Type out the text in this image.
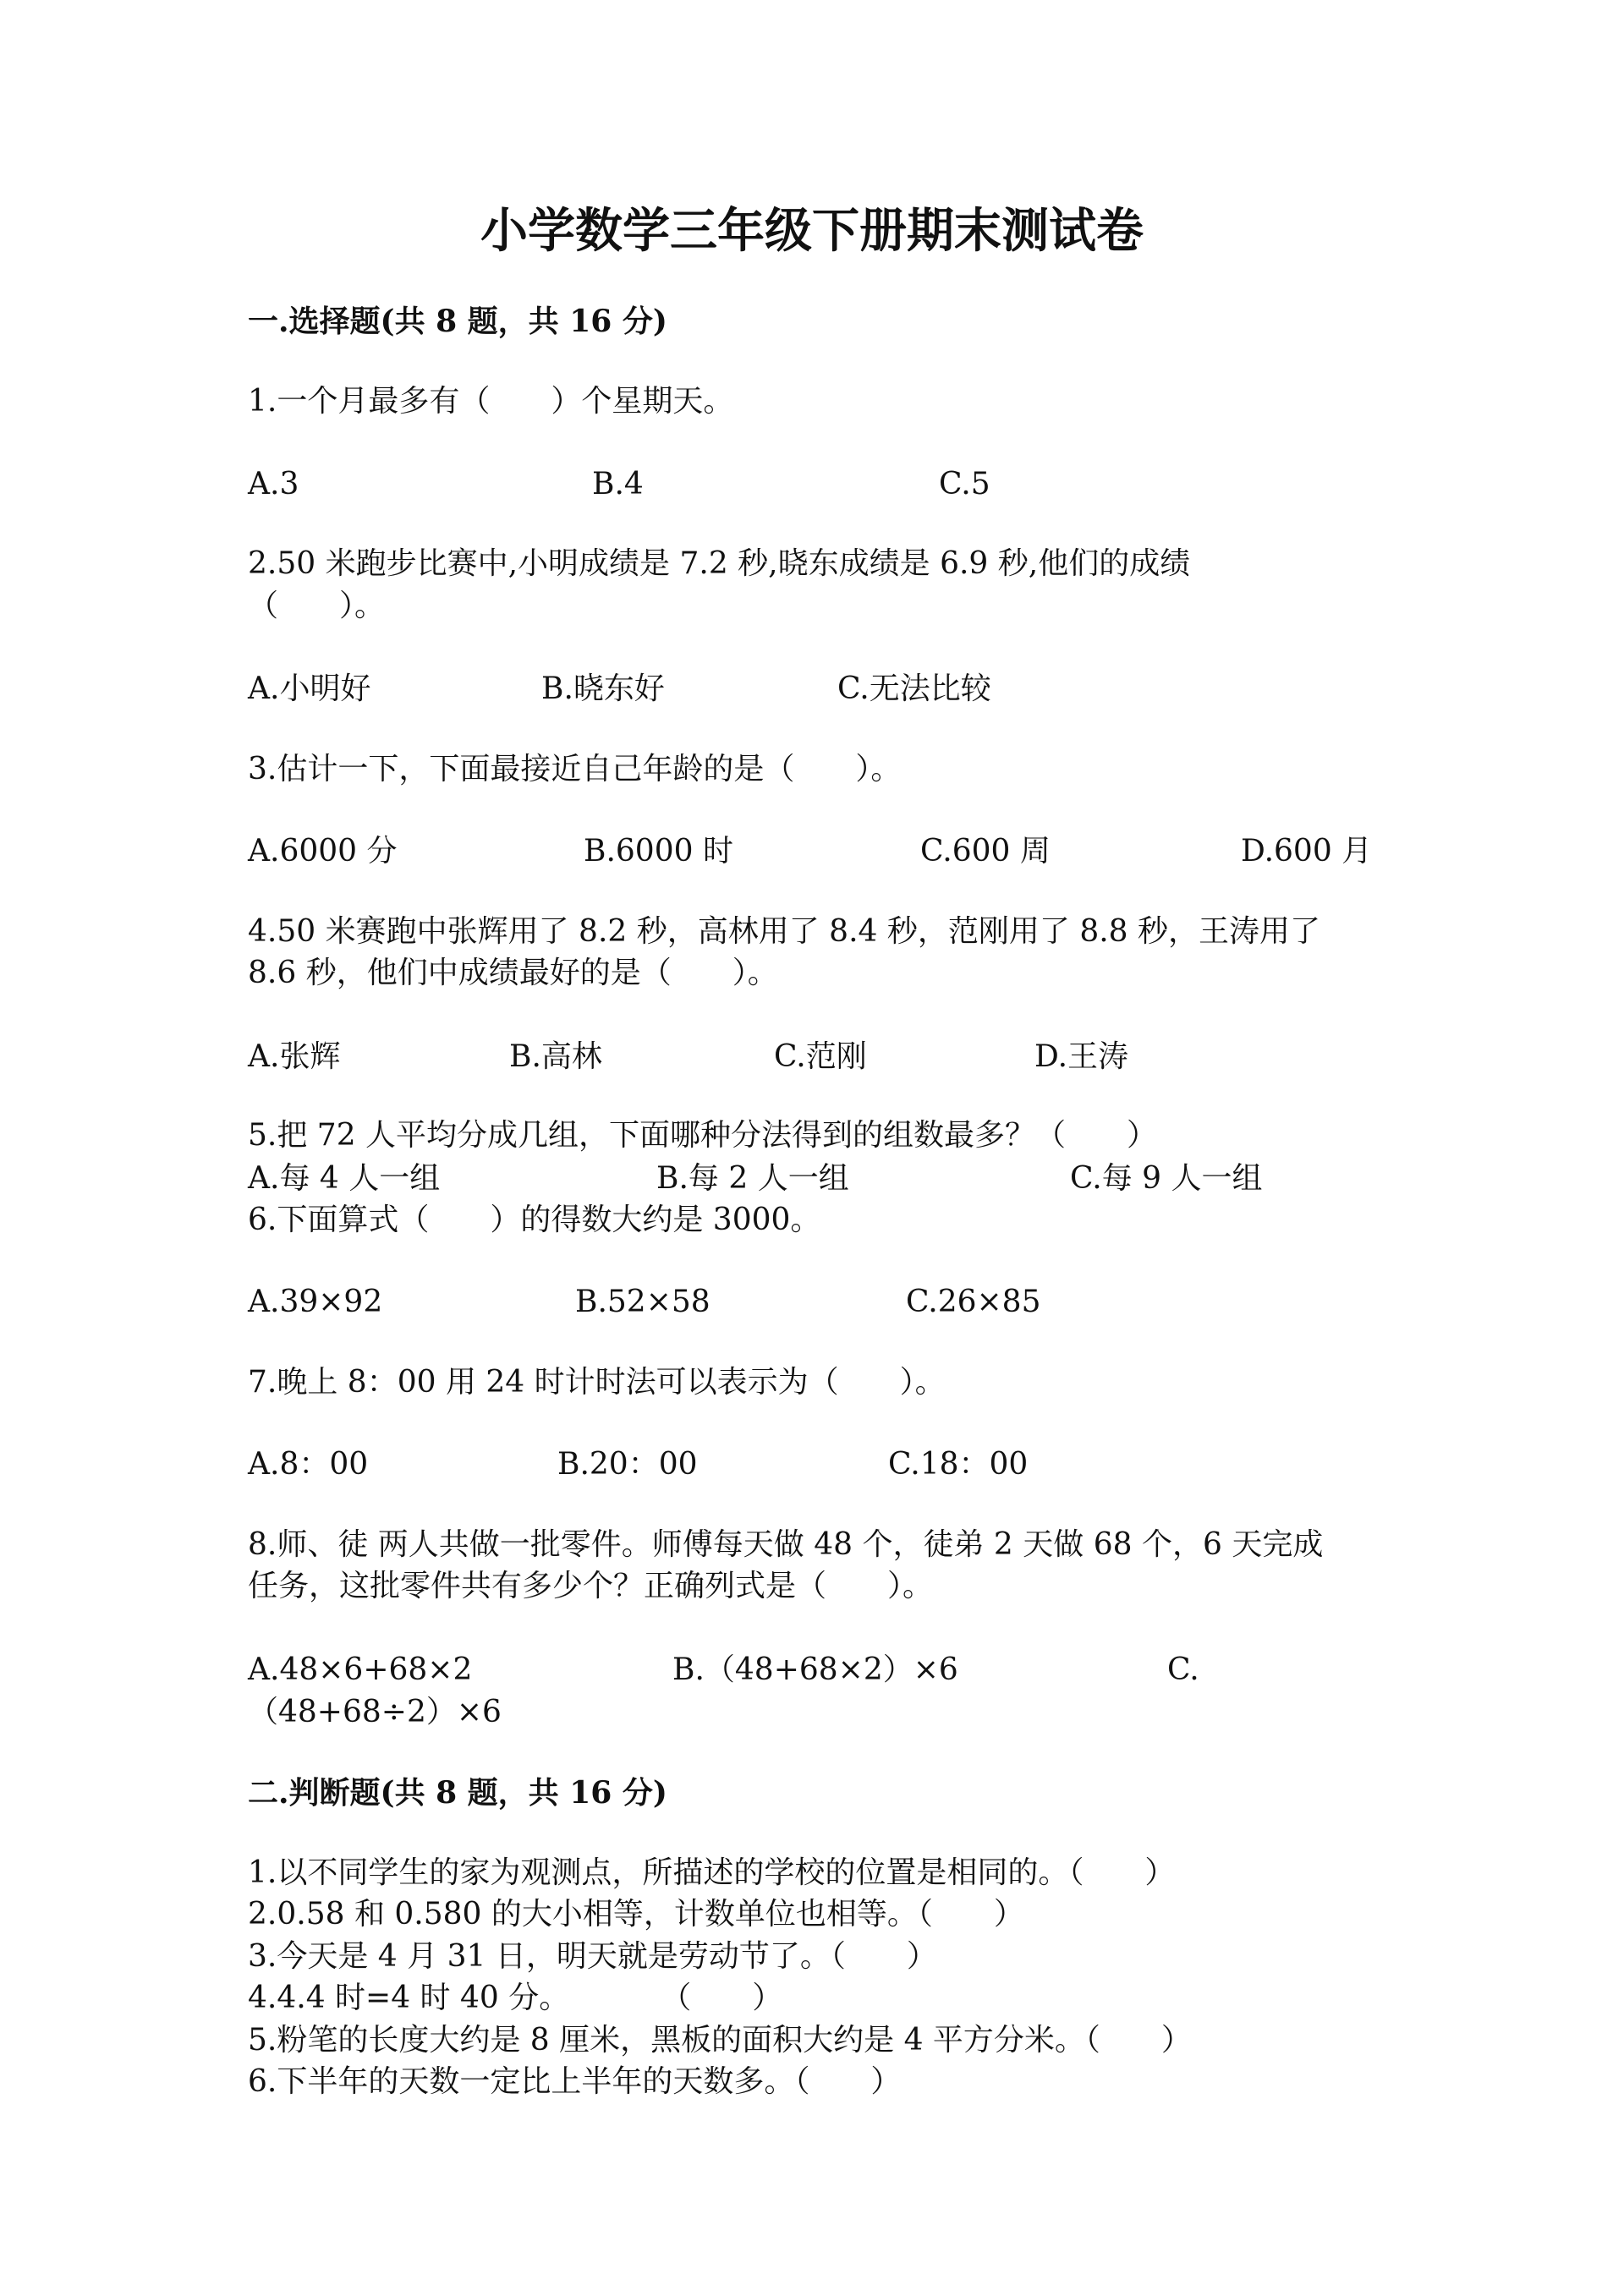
小学数学三年级下册期末测试卷
一.选择题(共 8 题，共 16 分)
1.一个月最多有（　　）个星期天。
A.3	B.4	C.5
2.50 米跑步比赛中,小明成绩是 7.2 秒,晓东成绩是 6.9 秒,他们的成绩
（　　）。
A.小明好	B.晓东好	C.无法比较
3.估计一下，下面最接近自己年龄的是（　　）。
A.6000 分	B.6000 时	C.600 周	D.600 月
4.50 米赛跑中张辉用了 8.2 秒，高林用了 8.4 秒，范刚用了 8.8 秒，王涛用了
8.6 秒，他们中成绩最好的是（　　）。
A.张辉	B.高林	C.范刚	D.王涛
5.把 72 人平均分成几组，下面哪种分法得到的组数最多？（　　）
A.每 4 人一组	B.每 2 人一组	C.每 9 人一组
6.下面算式（　　）的得数大约是 3000。
A.39×92	B.52×58	C.26×85
7.晚上 8：00 用 24 时计时法可以表示为（　　）。
A.8：00	B.20：00	C.18：00
8.师、徒 两人共做一批零件。师傅每天做 48 个，徒弟 2 天做 68 个，6 天完成
任务，这批零件共有多少个？正确列式是（　　）。
A.48×6+68×2	B.（48+68×2）×6	C.
（48+68÷2）×6
二.判断题(共 8 题，共 16 分)
1.以不同学生的家为观测点，所描述的学校的位置是相同的。（　　）
2.0.58 和 0.580 的大小相等，计数单位也相等。（　　）
3.今天是 4 月 31 日，明天就是劳动节了。（　　）
4.4.4 时=4 时 40 分。　　　　（　　）
5.粉笔的长度大约是 8 厘米，黑板的面积大约是 4 平方分米。（　　）
6.下半年的天数一定比上半年的天数多。（　　）
